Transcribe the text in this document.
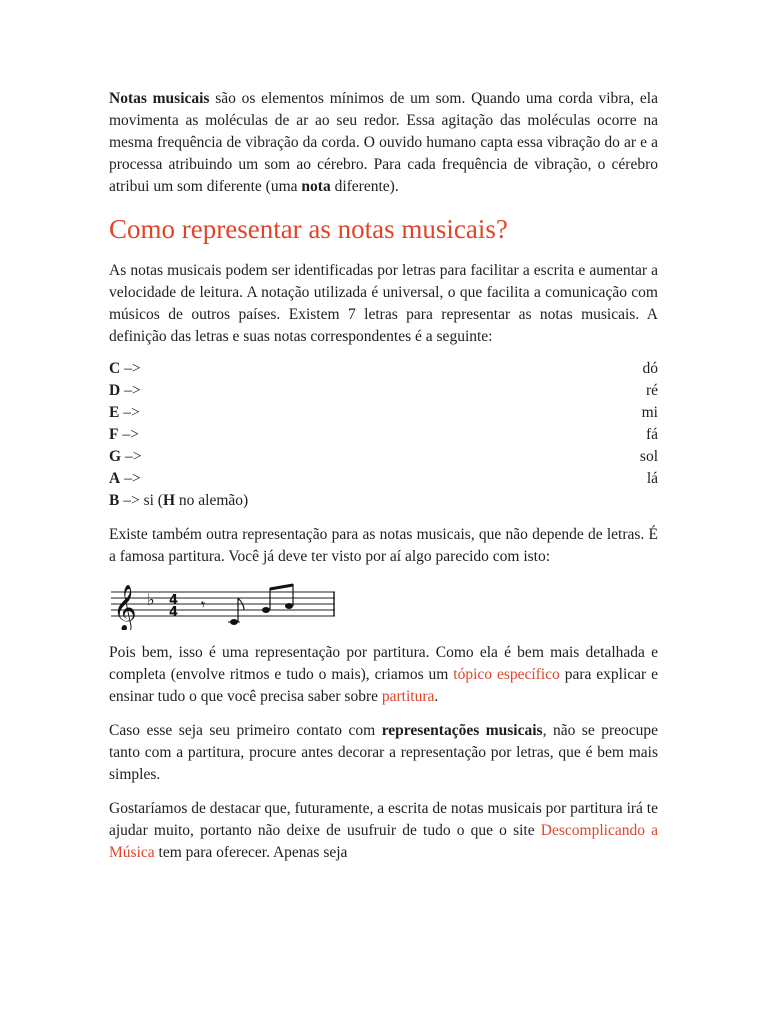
Notas musicais são os elementos mínimos de um som. Quando uma corda vibra, ela movimenta as moléculas de ar ao seu redor. Essa agitação das moléculas ocorre na mesma frequência de vibração da corda. O ouvido humano capta essa vibração do ar e a processa atribuindo um som ao cérebro. Para cada frequência de vibração, o cérebro atribui um som diferente (uma nota diferente).

Como representar as notas musicais?

As notas musicais podem ser identificadas por letras para facilitar a escrita e aumentar a velocidade de leitura. A notação utilizada é universal, o que facilita a comunicação com músicos de outros países. Existem 7 letras para representar as notas musicais. A definição das letras e suas notas correspondentes é a seguinte:

C –>	dó
D –>	ré
E –>	mi
F –>	fá
G –>	sol
A –>	lá
B –> si (H no alemão)

Existe também outra representação para as notas musicais, que não depende de letras. É a famosa partitura. Você já deve ter visto por aí algo parecido com isto:

𝄞 ♭ 4
4 𝄾

Pois bem, isso é uma representação por partitura. Como ela é bem mais detalhada e completa (envolve ritmos e tudo o mais), criamos um tópico específico para explicar e ensinar tudo o que você precisa saber sobre partitura.

Caso esse seja seu primeiro contato com representações musicais, não se preocupe tanto com a partitura, procure antes decorar a representação por letras, que é bem mais simples.

Gostaríamos de destacar que, futuramente, a escrita de notas musicais por partitura irá te ajudar muito, portanto não deixe de usufruir de tudo o que o site Descomplicando a Música tem para oferecer. Apenas seja
